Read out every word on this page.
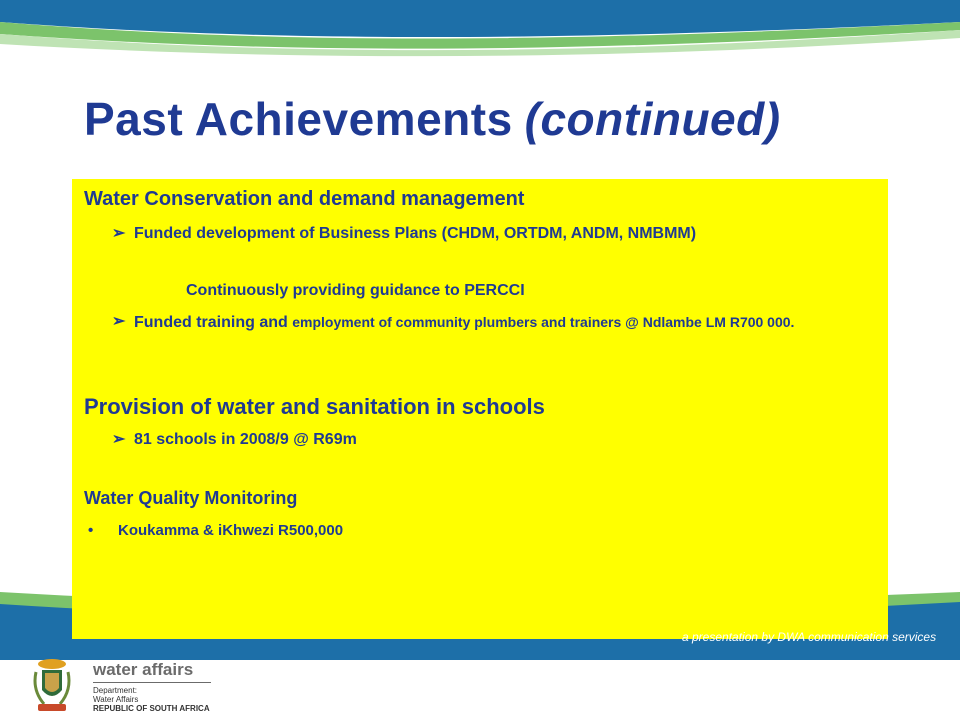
Past Achievements (continued)
Water Conservation and demand management
➢ Funded development of Business Plans (CHDM, ORTDM, ANDM, NMBMM)
Continuously providing guidance to PERCCI
➢ Funded training and employment of community plumbers and trainers @ Ndlambe LM R700 000.
Provision of water and sanitation in schools
➢ 81 schools in 2008/9 @ R69m
Water Quality Monitoring
• Koukamma & iKhwezi R500,000
a presentation by DWA communication services
water affairs
Department:
Water Affairs
REPUBLIC OF SOUTH AFRICA
